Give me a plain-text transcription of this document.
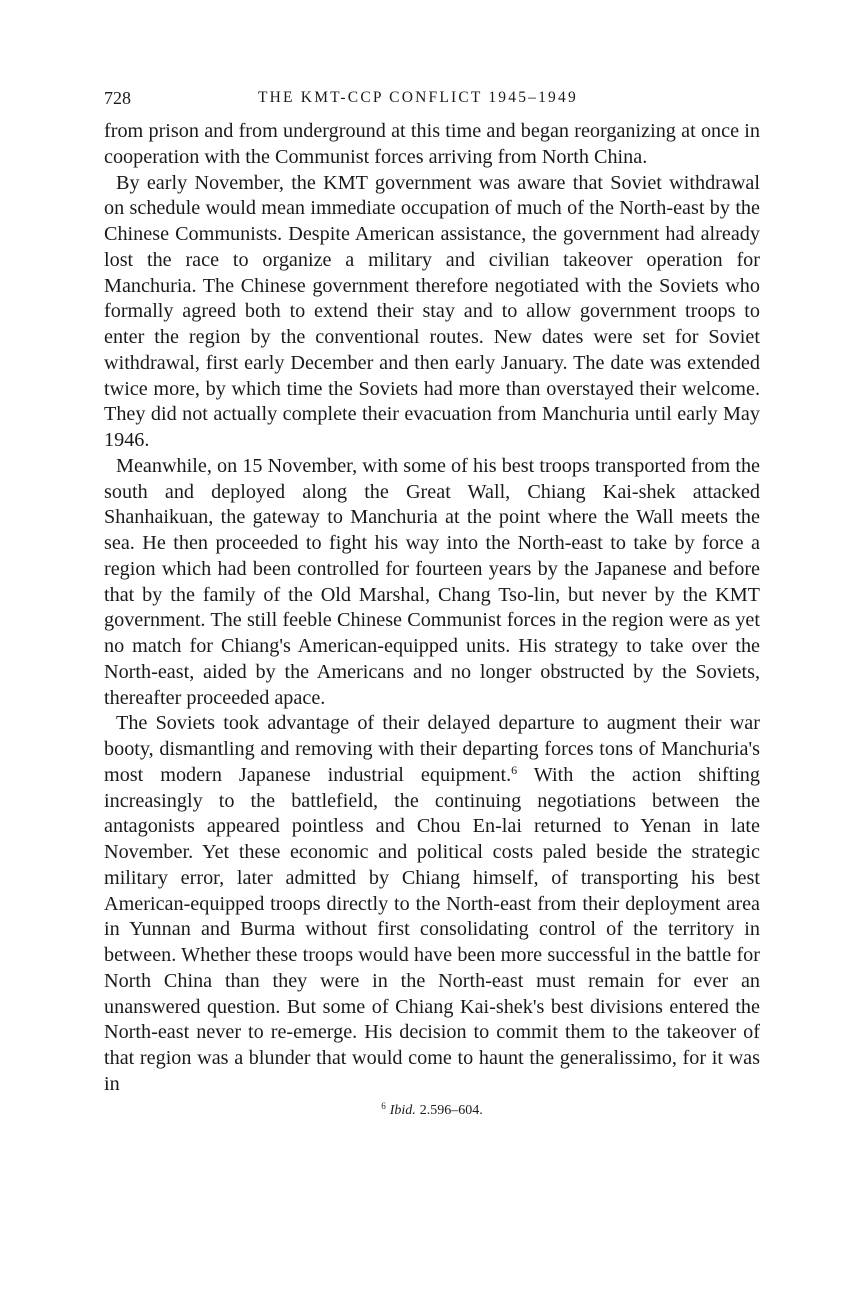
728	THE KMT-CCP CONFLICT 1945–1949

from prison and from underground at this time and began reorganizing at once in cooperation with the Communist forces arriving from North China.

By early November, the KMT government was aware that Soviet withdrawal on schedule would mean immediate occupation of much of the North-east by the Chinese Communists. Despite American assistance, the government had already lost the race to organize a military and civilian takeover operation for Manchuria. The Chinese government therefore negotiated with the Soviets who formally agreed both to extend their stay and to allow government troops to enter the region by the conventional routes. New dates were set for Soviet withdrawal, first early December and then early January. The date was extended twice more, by which time the Soviets had more than overstayed their welcome. They did not actually complete their evacuation from Manchuria until early May 1946.

Meanwhile, on 15 November, with some of his best troops transported from the south and deployed along the Great Wall, Chiang Kai-shek attacked Shanhaikuan, the gateway to Manchuria at the point where the Wall meets the sea. He then proceeded to fight his way into the North-east to take by force a region which had been controlled for fourteen years by the Japanese and before that by the family of the Old Marshal, Chang Tso-lin, but never by the KMT government. The still feeble Chinese Communist forces in the region were as yet no match for Chiang's American-equipped units. His strategy to take over the North-east, aided by the Americans and no longer obstructed by the Soviets, thereafter proceeded apace.

The Soviets took advantage of their delayed departure to augment their war booty, dismantling and removing with their departing forces tons of Manchuria's most modern Japanese industrial equipment.$^6$ With the action shifting increasingly to the battlefield, the continuing negotiations between the antagonists appeared pointless and Chou En-lai returned to Yenan in late November. Yet these economic and political costs paled beside the strategic military error, later admitted by Chiang himself, of transporting his best American-equipped troops directly to the North-east from their deployment area in Yunnan and Burma without first consolidating control of the territory in between. Whether these troops would have been more successful in the battle for North China than they were in the North-east must remain for ever an unanswered question. But some of Chiang Kai-shek's best divisions entered the North-east never to re-emerge. His decision to commit them to the takeover of that region was a blunder that would come to haunt the generalissimo, for it was in

$^6$ Ibid. 2.596–604.
